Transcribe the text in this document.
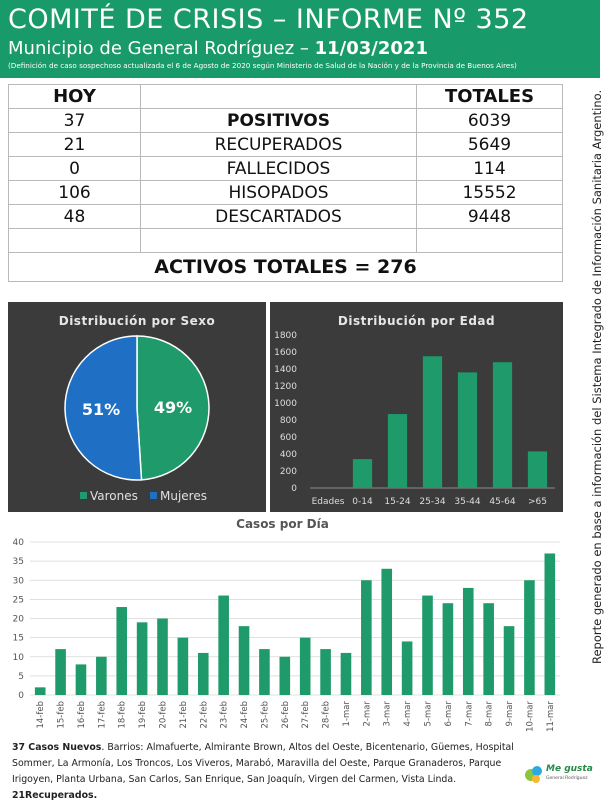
COMITÉ DE CRISIS – INFORME Nº 352
Municipio de General Rodríguez – 11/03/2021
(Definición de caso sospechoso actualizada el 6 de Agosto de 2020 según Ministerio de Salud de la Nación y de la Provincia de Buenos Aires)
HOY		TOTALES
37	POSITIVOS	6039
21	RECUPERADOS	5649
0	FALLECIDOS	114
106	HISOPADOS	15552
48	DESCARTADOS	9448

ACTIVOS TOTALES = 276			Reporte generado en base a información del Sistema Integrado de Información Sanitaria Argentino.
Distribución por Sexo
49%
51%
Varones Mujeres
Distribución por Edad
0
200
400
600
800
1000
1200
1400
1600
1800
Edades 0-14 15-24 25-34 35-44 45-64 >65
Casos por Día
0
5
10
15
20
25
30
35
40
14-feb 15-feb 16-feb 17-feb 18-feb 19-feb 20-feb 21-feb 22-feb 23-feb 24-feb 25-feb 26-feb 27-feb 28-feb 1-mar 2-mar 3-mar 4-mar 5-mar 6-mar 7-mar 8-mar 9-mar 10-mar 11-mar
37 Casos Nuevos. Barrios: Almafuerte, Almirante Brown, Altos del Oeste, Bicentenario, Güemes, Hospital Sommer, La Armonía, Los Troncos, Los Viveros, Marabó, Maravilla del Oeste, Parque Granaderos, Parque Irigoyen, Planta Urbana, San Carlos, San Enrique, San Joaquín, Virgen del Carmen, Vista Linda. 21Recuperados.
Me gusta
General Rodríguez
